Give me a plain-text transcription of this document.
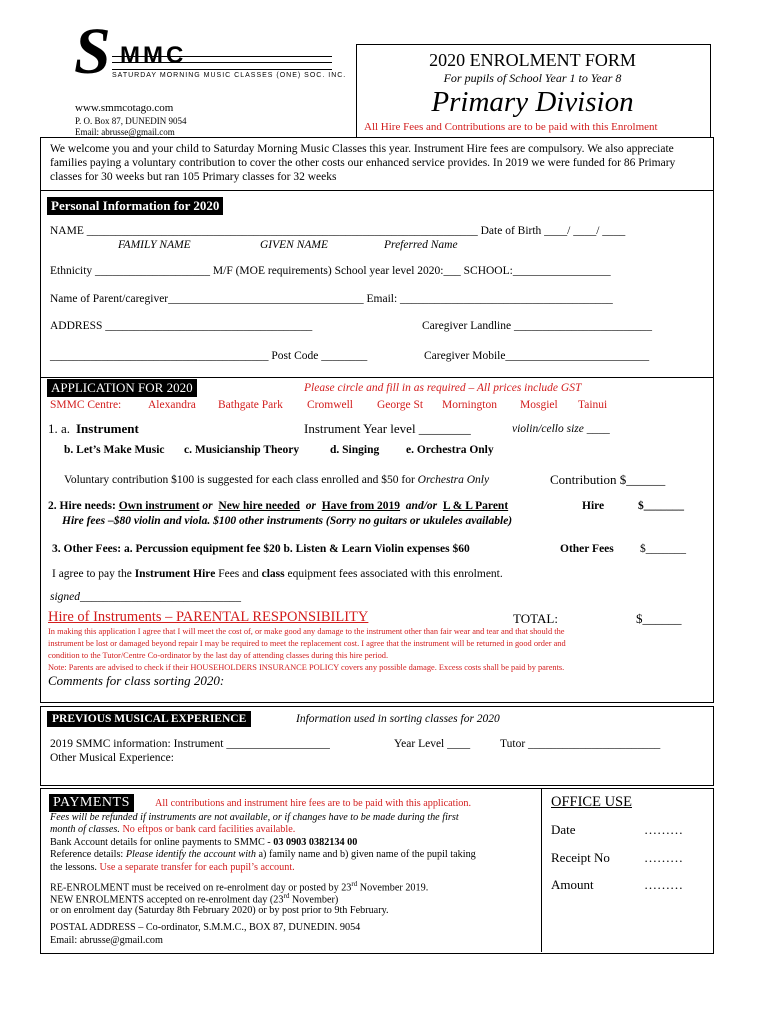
S MMC
SATURDAY MORNING MUSIC CLASSES (ONE) SOC. INC.
www.smmcotago.com
P. O. Box 87, DUNEDIN 9054
Email: abrusse@gmail.com
2020 ENROLMENT FORM
For pupils of School Year 1 to Year 8
Primary Division
All Hire Fees and Contributions are to be paid with this Enrolment
We welcome you and your child to Saturday Morning Music Classes this year. Instrument Hire fees are compulsory. We also appreciate families paying a voluntary contribution to cover the other costs our enhanced service provides. In 2019 we were funded for 86 Primary classes for 30 weeks but ran 105 Primary classes for 32 weeks
Personal Information for 2020
NAME ____________________________________________________________________ Date of Birth ____/ ____/ ____
FAMILY NAME	GIVEN NAME	Preferred Name
Ethnicity ____________________ M/F (MOE requirements) School year level 2020:___ SCHOOL:_________________
Name of Parent/caregiver__________________________________ Email: _____________________________________
ADDRESS ____________________________________	Caregiver Landline ________________________
______________________________________ Post Code ________	Caregiver Mobile_________________________
APPLICATION FOR 2020	Please circle and fill in as required – All prices include GST
SMMC Centre: Alexandra Bathgate Park Cromwell George St Mornington Mosgiel Tainui
1. a. Instrument	Instrument Year level ________	violin/cello size ____
b. Let’s Make Music c. Musicianship Theory	d. Singing e. Orchestra Only
Voluntary contribution $100 is suggested for each class enrolled and $50 for Orchestra Only	Contribution $______
2. Hire needs: Own instrument or New hire needed or Have from 2019 and/or L & L Parent	Hire	$_______
Hire fees –$80 violin and viola. $100 other instruments (Sorry no guitars or ukuleles available)
3. Other Fees: a. Percussion equipment fee $20 b. Listen & Learn Violin expenses $60	Other Fees $_______
I agree to pay the Instrument Hire Fees and class equipment fees associated with this enrolment.
signed____________________________
Hire of Instruments – PARENTAL RESPONSIBILITY	TOTAL:	$______
In making this application I agree that I will meet the cost of, or make good any damage to the instrument other than fair wear and tear and that should the
instrument be lost or damaged beyond repair I may be required to meet the replacement cost. I agree that the instrument will be returned in good order and
condition to the Tutor/Centre Co-ordinator by the last day of attending classes during this hire period.
Note: Parents are advised to check if their HOUSEHOLDERS INSURANCE POLICY covers any possible damage. Excess costs shall be paid by parents.
Comments for class sorting 2020:
PREVIOUS MUSICAL EXPERIENCE	Information used in sorting classes for 2020
2019 SMMC information: Instrument __________________	Year Level ____	Tutor _______________________
Other Musical Experience:
PAYMENTS	All contributions and instrument hire fees are to be paid with this application.
Fees will be refunded if instruments are not available, or if changes have to be made during the first
month of classes. No eftpos or bank card facilities available.
Bank Account details for online payments to SMMC - 03 0903 0382134 00
Reference details: Please identify the account with a) family name and b) given name of the pupil taking
the lessons. Use a separate transfer for each pupil’s account.
RE-ENROLMENT must be received on re-enrolment day or posted by 23rd November 2019.
NEW ENROLMENTS accepted on re-enrolment day (23rd November)
or on enrolment day (Saturday 8th February 2020) or by post prior to 9th February.
POSTAL ADDRESS – Co-ordinator, S.M.M.C., BOX 87, DUNEDIN. 9054
Email: abrusse@gmail.com
OFFICE USE
Date	………
Receipt No	………
Amount	………
